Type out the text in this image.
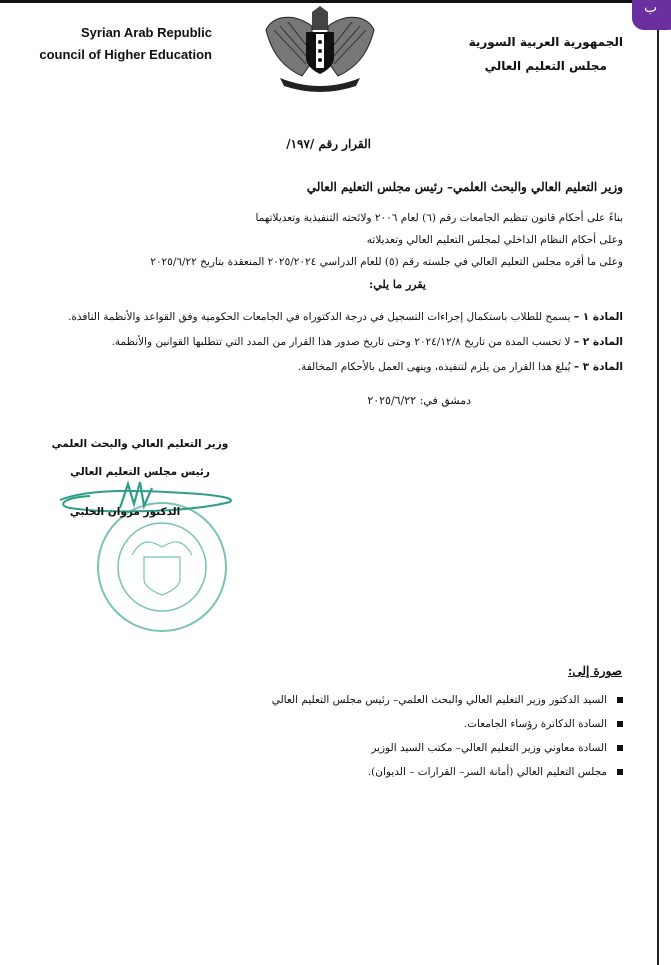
ب
Syrian Arab Republic
council of Higher Education
الجمهورية العربية السورية
مجلس التعليم العالي
القرار رقم /١٩٧/
وزير التعليم العالي والبحث العلمي– رئيس مجلس التعليم العالي
بناءً على أحكام قانون تنظيم الجامعات رقم (٦) لعام ٢٠٠٦ ولائحته التنفيذية وتعديلاتهما
وعلى أحكام النظام الداخلي لمجلس التعليم العالي وتعديلاته
وعلى ما أقره مجلس التعليم العالي في جلسته رقم (٥) للعام الدراسي ٢٠٢٥/٢٠٢٤ المنعقدة بتاريخ ٢٠٢٥/٦/٢٢
يقرر ما يلي:
المادة ١ – يسمح للطلاب باستكمال إجراءات التسجيل في درجة الدكتوراه في الجامعات الحكومية وفق القواعد والأنظمة النافذة.
المادة ٢ – لا تحسب المدة من تاريخ ٢٠٢٤/١٢/٨ وحتى تاريخ صدور هذا القرار من المدد التي تتطلبها القوانين والأنظمة.
المادة ٣ – يُبلغ هذا القرار من يلزم لتنفيذه، وينهى العمل بالأحكام المخالفة.
دمشق في: ٢٠٢٥/٦/٢٢
وزير التعليم العالي والبحث العلمي
رئيس مجلس التعليم العالي
الدكتور مروان الحلبي
صورة إلى:
السيد الدكتور وزير التعليم العالي والبحث العلمي– رئيس مجلس التعليم العالي
السادة الدكاترة رؤساء الجامعات.
السادة معاوني وزير التعليم العالي– مكتب السيد الوزير
مجلس التعليم العالي (أمانة السر– القرارات – الديوان).
